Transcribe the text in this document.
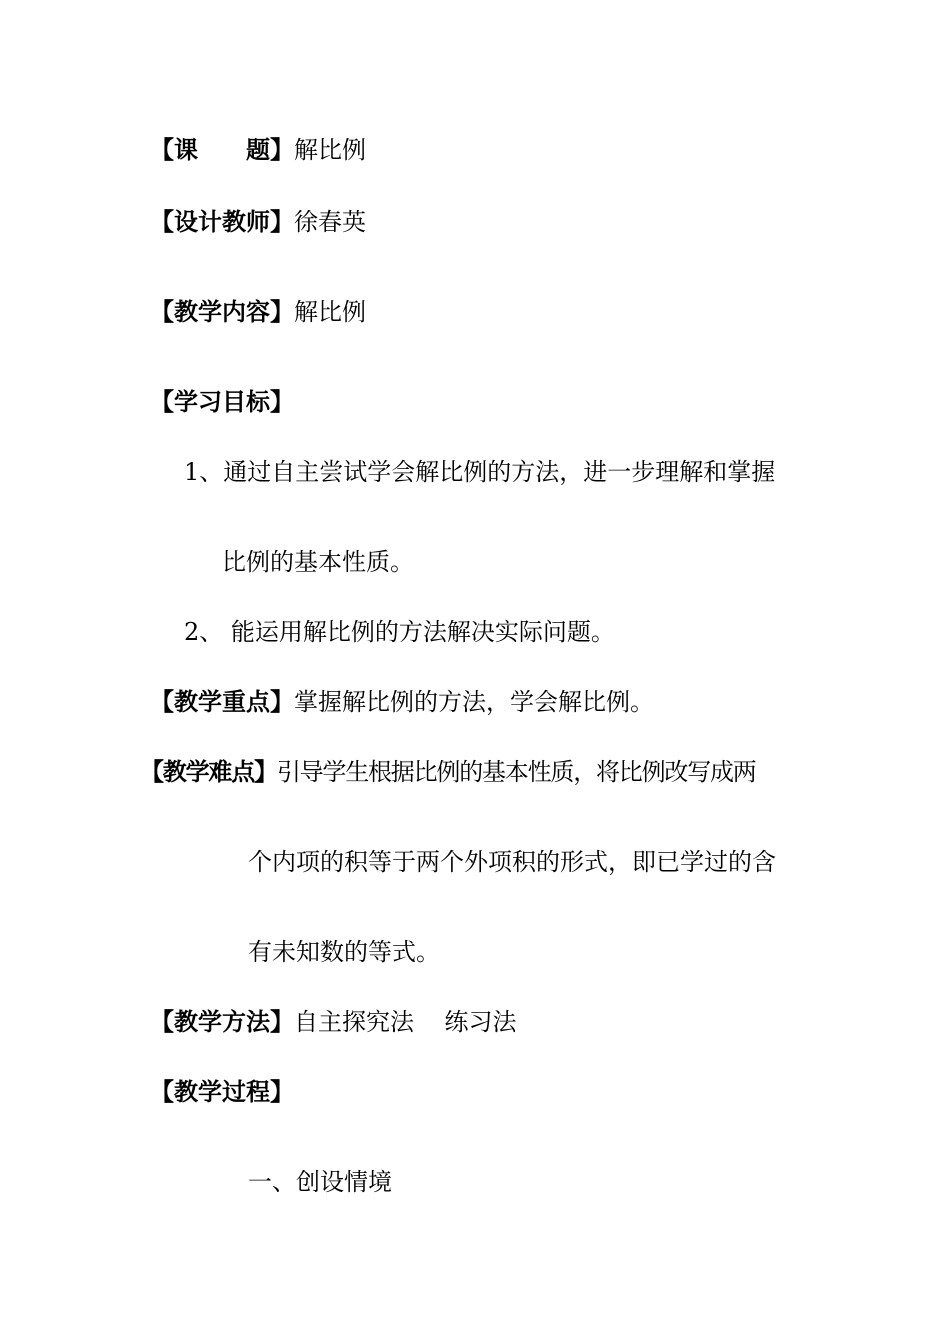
【课 题】解比例
【设计教师】徐春英
【教学内容】解比例
【学习目标】
1、通过自主尝试学会解比例的方法，进一步理解和掌握
比例的基本性质。
2、 能运用解比例的方法解决实际问题。
【教学重点】掌握解比例的方法，学会解比例。
【教学难点】引导学生根据比例的基本性质，将比例改写成两
个内项的积等于两个外项积的形式，即已学过的含
有未知数的等式。
【教学方法】自主探究法    练习法
【教学过程】
一、创设情境
